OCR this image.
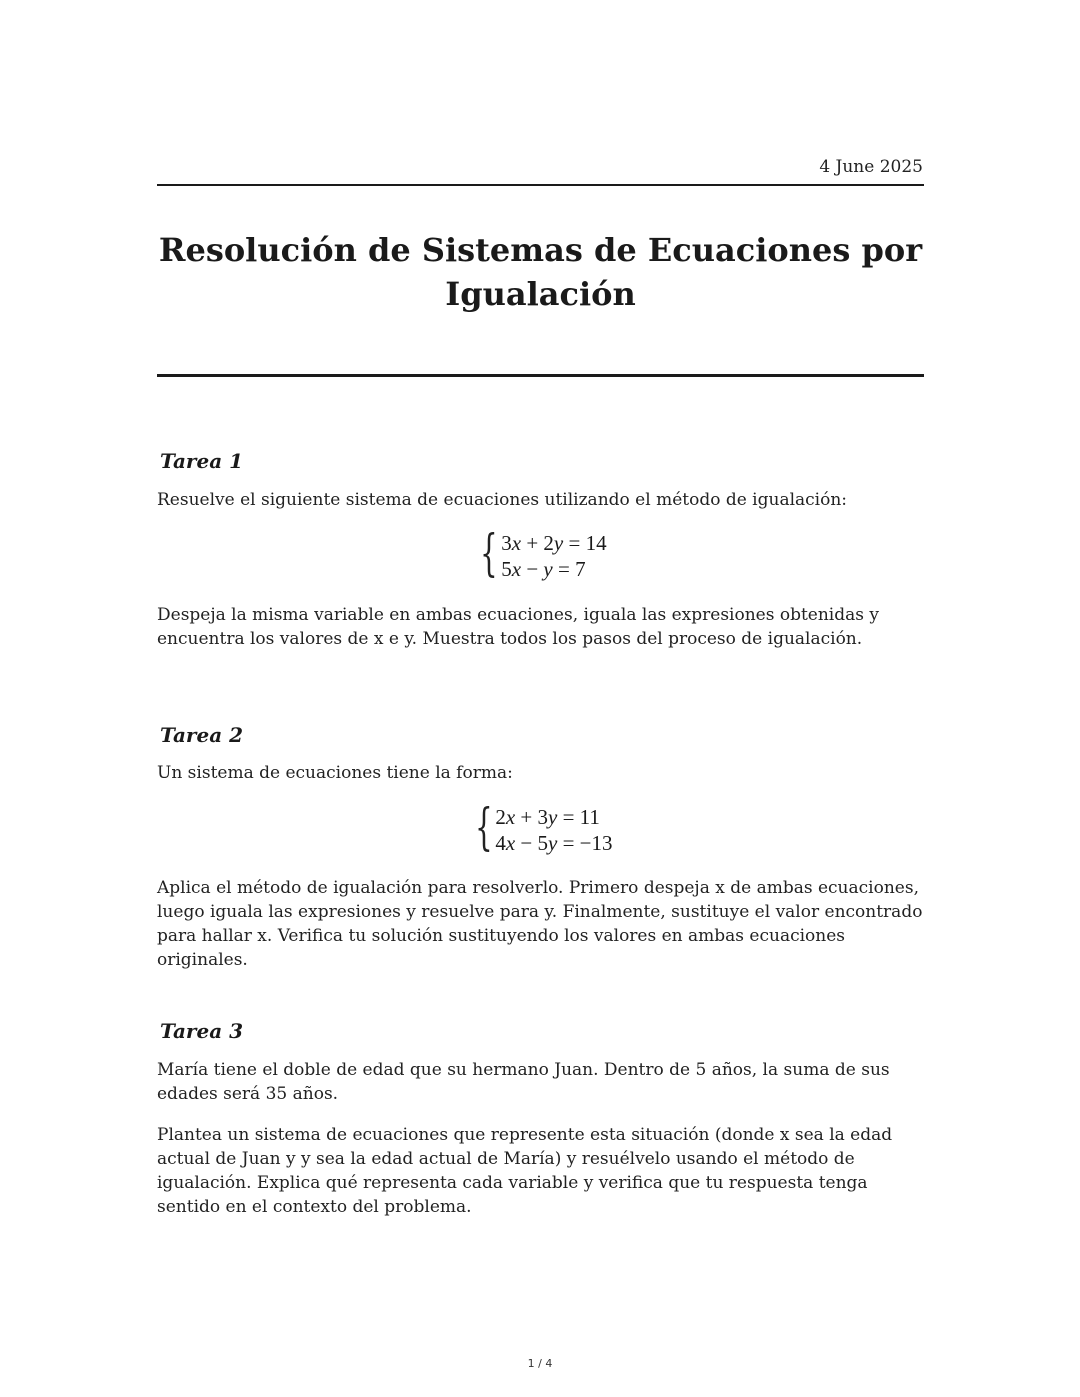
4 June 2025
Resolución de Sistemas de Ecuaciones por Igualación
Tarea 1
Resuelve el siguiente sistema de ecuaciones utilizando el método de igualación:
{ 3x + 2y = 14
5x − y = 7
Despeja la misma variable en ambas ecuaciones, iguala las expresiones obtenidas y encuentra los valores de x e y. Muestra todos los pasos del proceso de igualación.
Tarea 2
Un sistema de ecuaciones tiene la forma:
{ 2x + 3y = 11
4x − 5y = −13
Aplica el método de igualación para resolverlo. Primero despeja x de ambas ecuaciones, luego iguala las expresiones y resuelve para y. Finalmente, sustituye el valor encontrado para hallar x. Verifica tu solución sustituyendo los valores en ambas ecuaciones originales.
Tarea 3
María tiene el doble de edad que su hermano Juan. Dentro de 5 años, la suma de sus edades será 35 años.
Plantea un sistema de ecuaciones que represente esta situación (donde x sea la edad actual de Juan y y sea la edad actual de María) y resuélvelo usando el método de igualación. Explica qué representa cada variable y verifica que tu respuesta tenga sentido en el contexto del problema.
1 / 4
